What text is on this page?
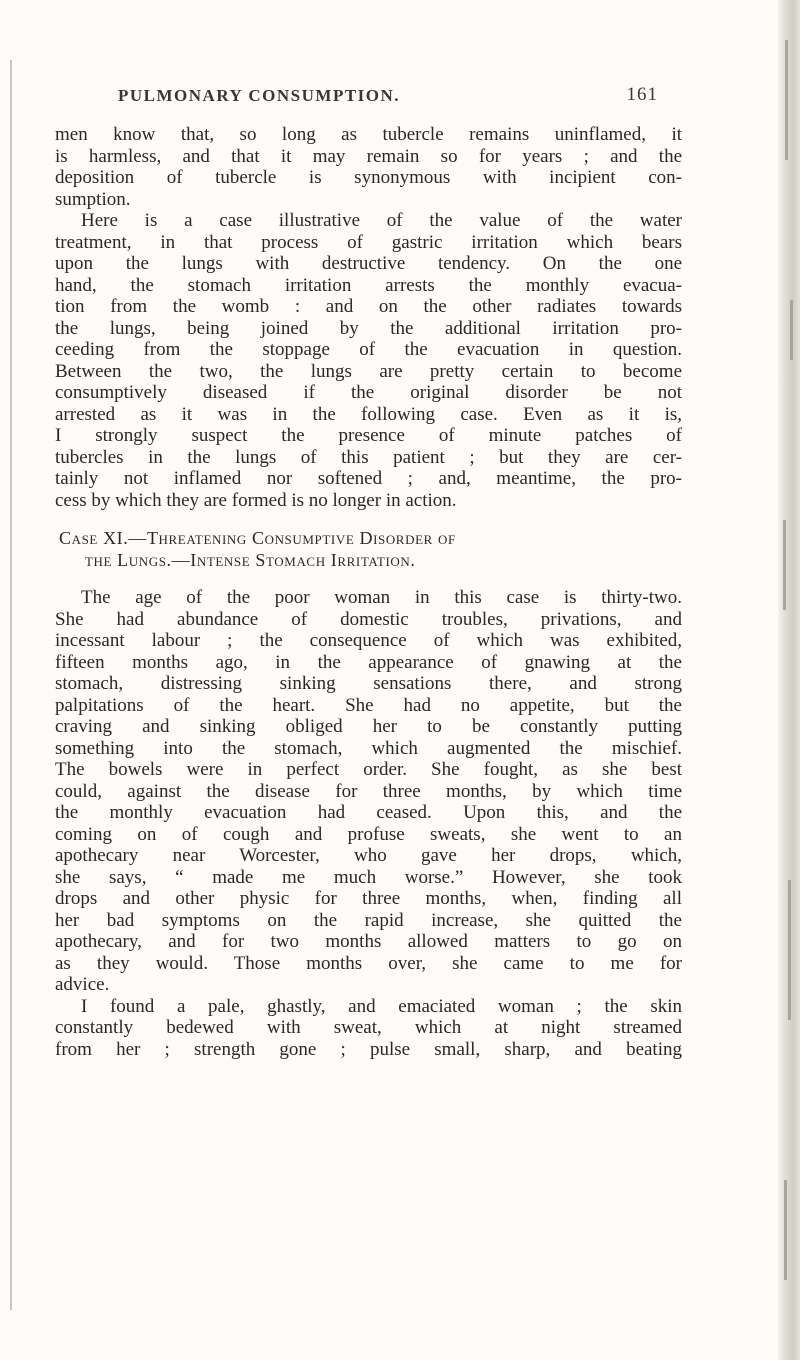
PULMONARY CONSUMPTION.	161
men know that, so long as tubercle remains uninflamed, it
is harmless, and that it may remain so for years ; and the
deposition of tubercle is synonymous with incipient con-
sumption.
Here is a case illustrative of the value of the water
treatment, in that process of gastric irritation which bears
upon the lungs with destructive tendency. On the one
hand, the stomach irritation arrests the monthly evacua-
tion from the womb : and on the other radiates towards
the lungs, being joined by the additional irritation pro-
ceeding from the stoppage of the evacuation in question.
Between the two, the lungs are pretty certain to become
consumptively diseased if the original disorder be not
arrested as it was in the following case. Even as it is,
I strongly suspect the presence of minute patches of
tubercles in the lungs of this patient ; but they are cer-
tainly not inflamed nor softened ; and, meantime, the pro-
cess by which they are formed is no longer in action.
Case XI.—Threatening Consumptive Disorder of
the Lungs.—Intense Stomach Irritation.
The age of the poor woman in this case is thirty-two.
She had abundance of domestic troubles, privations, and
incessant labour ; the consequence of which was exhibited,
fifteen months ago, in the appearance of gnawing at the
stomach, distressing sinking sensations there, and strong
palpitations of the heart. She had no appetite, but the
craving and sinking obliged her to be constantly putting
something into the stomach, which augmented the mischief.
The bowels were in perfect order. She fought, as she best
could, against the disease for three months, by which time
the monthly evacuation had ceased. Upon this, and the
coming on of cough and profuse sweats, she went to an
apothecary near Worcester, who gave her drops, which,
she says, “ made me much worse.” However, she took
drops and other physic for three months, when, finding all
her bad symptoms on the rapid increase, she quitted the
apothecary, and for two months allowed matters to go on
as they would. Those months over, she came to me for
advice.
I found a pale, ghastly, and emaciated woman ; the skin
constantly bedewed with sweat, which at night streamed
from her ; strength gone ; pulse small, sharp, and beating
